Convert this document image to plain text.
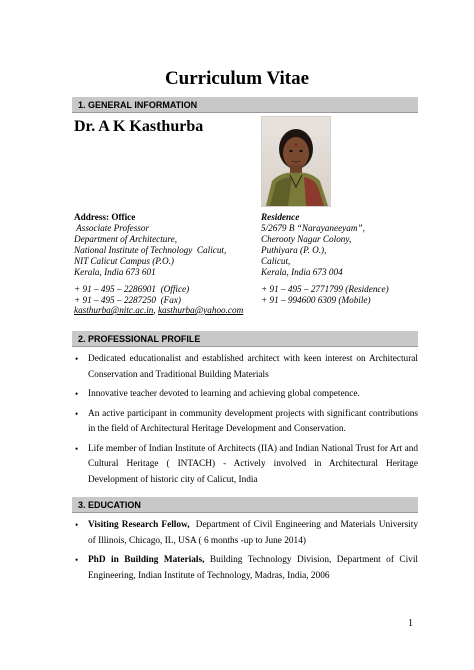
Curriculum Vitae
1. GENERAL INFORMATION
Dr. A K Kasthurba
Address: Office
Associate Professor
Department of Architecture,
National Institute of Technology  Calicut,
NIT Calicut Campus (P.O.)
Kerala, India 673 601
+ 91 – 495 – 2286901  (Office)
+ 91 – 495 – 2287250  (Fax)
Residence
5/2679 B “Narayaneeyam”,
Cherooty Nagar Colony,
Puthiyara (P. O.),
Calicut,
Kerala, India 673 004
+ 91 – 495 – 2771799 (Residence)
+ 91 – 994600 6309 (Mobile)
kasthurba@nitc.ac.in, kasthurba@yahoo.com
2. PROFESSIONAL PROFILE

• Dedicated educationalist and established architect with keen interest on Architectural Conservation and Traditional Building Materials

• Innovative teacher devoted to learning and achieving global competence.

• An active participant in community development projects with significant contributions in the field of Architectural Heritage Development and Conservation.

• Life member of Indian Institute of Architects (IIA) and Indian National Trust for Art and Cultural Heritage ( INTACH) - Actively involved in Architectural Heritage Development of historic city of Calicut, India

3. EDUCATION

• Visiting Research Fellow,  Department of Civil Engineering and Materials University of Illinois, Chicago, IL, USA ( 6 months -up to June 2014)

• PhD in Building Materials, Building Technology Division, Department of Civil Engineering, Indian Institute of Technology, Madras, India, 2006

1
